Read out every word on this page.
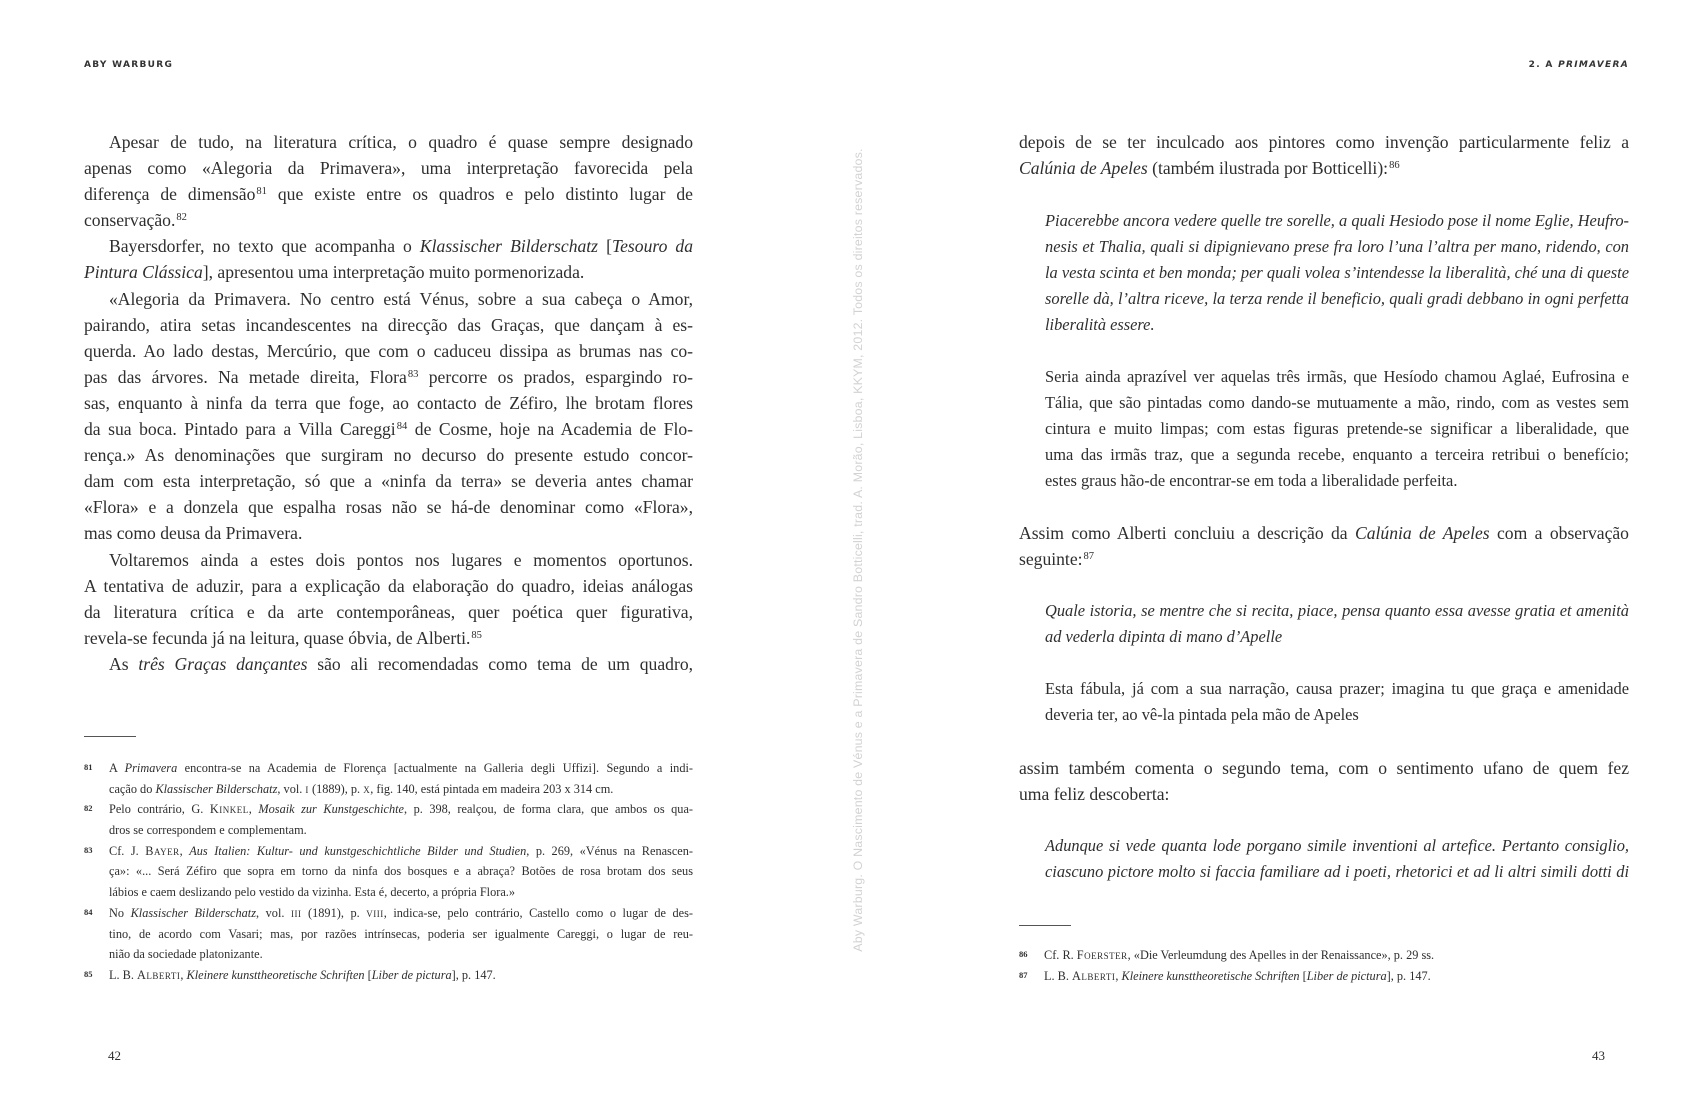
ABY WARBURG	2. A PRIMAVERA
Apesar de tudo, na literatura crítica, o quadro é quase sempre designado
apenas como «Alegoria da Primavera», uma interpretação favorecida pela
diferença de dimensão$^{81}$ que existe entre os quadros e pelo distinto lugar de
conservação.$^{82}$
Bayersdorfer, no texto que acompanha o Klassischer Bilderschatz [Tesouro da
Pintura Clássica], apresentou uma interpretação muito pormenorizada.
«Alegoria da Primavera. No centro está Vénus, sobre a sua cabeça o Amor,
pairando, atira setas incandescentes na direcção das Graças, que dançam à es-
querda. Ao lado destas, Mercúrio, que com o caduceu dissipa as brumas nas co-
pas das árvores. Na metade direita, Flora$^{83}$ percorre os prados, espargindo ro-
sas, enquanto à ninfa da terra que foge, ao contacto de Zéfiro, lhe brotam flores
da sua boca. Pintado para a Villa Careggi$^{84}$ de Cosme, hoje na Academia de Flo-
rença.» As denominações que surgiram no decurso do presente estudo concor-
dam com esta interpretação, só que a «ninfa da terra» se deveria antes chamar
«Flora» e a donzela que espalha rosas não se há-de denominar como «Flora»,
mas como deusa da Primavera.
Voltaremos ainda a estes dois pontos nos lugares e momentos oportunos.
A tentativa de aduzir, para a explicação da elaboração do quadro, ideias análogas
da literatura crítica e da arte contemporâneas, quer poética quer figurativa,
revela-se fecunda já na leitura, quase óbvia, de Alberti.$^{85}$
As três Graças dançantes são ali recomendadas como tema de um quadro,
81 A Primavera encontra-se na Academia de Florença [actualmente na Galleria degli Uffizi]. Segundo a indi-
cação do Klassischer Bilderschatz, vol. i (1889), p. x, fig. 140, está pintada em madeira 203 x 314 cm.
82 Pelo contrário, G. Kinkel, Mosaik zur Kunstgeschichte, p. 398, realçou, de forma clara, que ambos os qua-
dros se correspondem e complementam.
83 Cf. J. Bayer, Aus Italien: Kultur- und kunstgeschichtliche Bilder und Studien, p. 269, «Vénus na Renascen-
ça»: «... Será Zéfiro que sopra em torno da ninfa dos bosques e a abraça? Botões de rosa brotam dos seus
lábios e caem deslizando pelo vestido da vizinha. Esta é, decerto, a própria Flora.»
84 No Klassischer Bilderschatz, vol. iii (1891), p. viii, indica-se, pelo contrário, Castello como o lugar de des-
tino, de acordo com Vasari; mas, por razões intrínsecas, poderia ser igualmente Careggi, o lugar de reu-
nião da sociedade platonizante.
85 L. B. Alberti, Kleinere kunsttheoretische Schriften [Liber de pictura], p. 147.
42
Aby Warburg. O Nascimento de Vénus e a Primavera de Sandro Botticelli, trad. A. Morão, Lisboa, KKYM, 2012. Todos os direitos reservados.
depois de se ter inculcado aos pintores como invenção particularmente feliz a
Calúnia de Apeles (também ilustrada por Botticelli):$^{86}$
Piacerebbe ancora vedere quelle tre sorelle, a quali Hesiodo pose il nome Eglie, Heufro-
nesis et Thalia, quali si dipignievano prese fra loro l’una l’altra per mano, ridendo, con
la vesta scinta et ben monda; per quali volea s’intendesse la liberalità, ché una di queste
sorelle dà, l’altra riceve, la terza rende il beneficio, quali gradi debbano in ogni perfetta
liberalità essere.
Seria ainda aprazível ver aquelas três irmãs, que Hesíodo chamou Aglaé, Eufrosina e
Tália, que são pintadas como dando-se mutuamente a mão, rindo, com as vestes sem
cintura e muito limpas; com estas figuras pretende-se significar a liberalidade, que
uma das irmãs traz, que a segunda recebe, enquanto a terceira retribui o benefício;
estes graus hão-de encontrar-se em toda a liberalidade perfeita.
Assim como Alberti concluiu a descrição da Calúnia de Apeles com a observação
seguinte:$^{87}$
Quale istoria, se mentre che si recita, piace, pensa quanto essa avesse gratia et amenità
ad vederla dipinta di mano d’Apelle
Esta fábula, já com a sua narração, causa prazer; imagina tu que graça e amenidade
deveria ter, ao vê-la pintada pela mão de Apeles
assim também comenta o segundo tema, com o sentimento ufano de quem fez
uma feliz descoberta:
Adunque si vede quanta lode porgano simile inventioni al artefice. Pertanto consiglio,
ciascuno pictore molto si faccia familiare ad i poeti, rhetorici et ad li altri simili dotti di
86 Cf. R. Foerster, «Die Verleumdung des Apelles in der Renaissance», p. 29 ss.
87 L. B. Alberti, Kleinere kunsttheoretische Schriften [Liber de pictura], p. 147.
43
